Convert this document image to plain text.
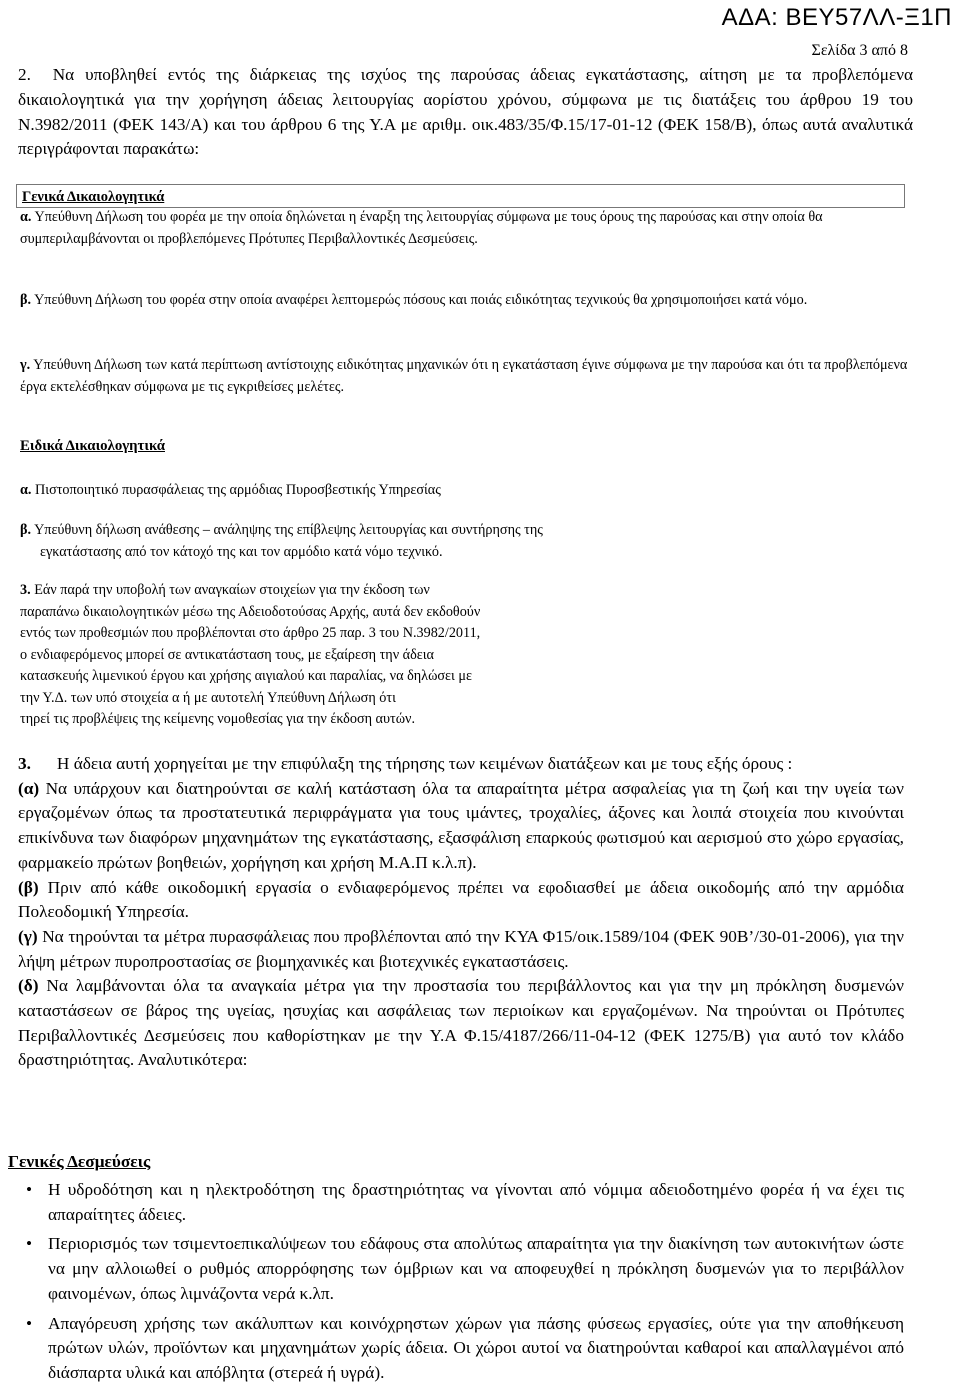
ΑΔΑ: ΒΕΥ57ΛΛ-Ξ1Π
Σελίδα 3 από 8
2. Να υποβληθεί εντός της διάρκειας της ισχύος της παρούσας άδειας εγκατάστασης, αίτηση με τα προβλεπόμενα δικαιολογητικά για την χορήγηση άδειας λειτουργίας αορίστου χρόνου, σύμφωνα με τις διατάξεις του άρθρου 19 του Ν.3982/2011 (ΦΕΚ 143/Α) και του άρθρου 6 της Υ.Α με αριθμ. οικ.483/35/Φ.15/17-01-12 (ΦΕΚ 158/Β), όπως αυτά αναλυτικά περιγράφονται παρακάτω:
Γενικά Δικαιολογητικά
α. Υπεύθυνη Δήλωση του φορέα με την οποία δηλώνεται η έναρξη της λειτουργίας σύμφωνα με τους όρους της παρούσας και στην οποία θα συμπεριλαμβάνονται οι προβλεπόμενες Πρότυπες Περιβαλλοντικές Δεσμεύσεις.
β. Υπεύθυνη Δήλωση του φορέα στην οποία αναφέρει λεπτομερώς πόσους και ποιάς ειδικότητας τεχνικούς θα χρησιμοποιήσει κατά νόμο.
γ. Υπεύθυνη Δήλωση των κατά περίπτωση αντίστοιχης ειδικότητας μηχανικών ότι η εγκατάσταση έγινε σύμφωνα με την παρούσα και ότι τα προβλεπόμενα έργα εκτελέσθηκαν σύμφωνα με τις εγκριθείσες μελέτες.
Ειδικά Δικαιολογητικά
α. Πιστοποιητικό πυρασφάλειας της αρμόδιας Πυροσβεστικής Υπηρεσίας
β. Υπεύθυνη δήλωση ανάθεσης – ανάληψης της επίβλεψης λειτουργίας και συντήρησης της
εγκατάστασης από τον κάτοχό της και τον αρμόδιο κατά νόμο τεχνικό.
3. Εάν παρά την υποβολή των αναγκαίων στοιχείων για την έκδοση των
παραπάνω δικαιολογητικών μέσω της Αδειοδοτούσας Αρχής, αυτά δεν εκδοθούν
εντός των προθεσμιών που προβλέπονται στο άρθρο 25 παρ. 3 του Ν.3982/2011,
ο ενδιαφερόμενος μπορεί σε αντικατάσταση τους, με εξαίρεση την άδεια
κατασκευής λιμενικού έργου και χρήσης αιγιαλού και παραλίας, να δηλώσει με
την Υ.Δ. των υπό στοιχεία α ή με αυτοτελή Υπεύθυνη Δήλωση ότι
τηρεί τις προβλέψεις της κείμενης νομοθεσίας για την έκδοση αυτών.

3. Η άδεια αυτή χορηγείται με την επιφύλαξη της τήρησης των κειμένων διατάξεων και με τους εξής όρους :

(α) Να υπάρχουν και διατηρούνται σε καλή κατάσταση όλα τα απαραίτητα μέτρα ασφαλείας για τη ζωή και την υγεία των εργαζομένων όπως τα προστατευτικά περιφράγματα για τους ιμάντες, τροχαλίες, άξονες και λοιπά στοιχεία που κινούνται επικίνδυνα των διαφόρων μηχανημάτων της εγκατάστασης, εξασφάλιση επαρκούς φωτισμού και αερισμού στο χώρο εργασίας, φαρμακείο πρώτων βοηθειών, χορήγηση και χρήση Μ.Α.Π κ.λ.π).

(β) Πριν από κάθε οικοδομική εργασία ο ενδιαφερόμενος πρέπει να εφοδιασθεί με άδεια οικοδομής από την αρμόδια Πολεοδομική Υπηρεσία.

(γ) Να τηρούνται τα μέτρα πυρασφάλειας που προβλέπονται από την ΚΥΑ Φ15/οικ.1589/104 (ΦΕΚ 90Β’/30-01-2006), για την λήψη μέτρων πυροπροστασίας σε βιομηχανικές και βιοτεχνικές εγκαταστάσεις.

(δ) Να λαμβάνονται όλα τα αναγκαία μέτρα για την προστασία του περιβάλλοντος και για την μη πρόκληση δυσμενών καταστάσεων σε βάρος της υγείας, ησυχίας και ασφάλειας των περιοίκων και εργαζομένων. Να τηρούνται οι Πρότυπες Περιβαλλοντικές Δεσμεύσεις που καθορίστηκαν με την Υ.Α Φ.15/4187/266/11-04-12 (ΦΕΚ 1275/Β) για αυτό τον κλάδο δραστηριότητας. Αναλυτικότερα:

Γενικές Δεσμεύσεις
• Η υδροδότηση και η ηλεκτροδότηση της δραστηριότητας να γίνονται από νόμιμα αδειοδοτημένο φορέα ή να έχει τις απαραίτητες άδειες.
• Περιορισμός των τσιμεντοεπικαλύψεων του εδάφους στα απολύτως απαραίτητα για την διακίνηση των αυτοκινήτων ώστε να μην αλλοιωθεί ο ρυθμός απορρόφησης των όμβριων και να αποφευχθεί η πρόκληση δυσμενών για το περιβάλλον φαινομένων, όπως λιμνάζοντα νερά κ.λπ.
• Απαγόρευση χρήσης των ακάλυπτων και κοινόχρηστων χώρων για πάσης φύσεως εργασίες, ούτε για την αποθήκευση πρώτων υλών, προϊόντων και μηχανημάτων χωρίς άδεια. Οι χώροι αυτοί να διατηρούνται καθαροί και απαλλαγμένοι από διάσπαρτα υλικά και απόβλητα (στερεά ή υγρά).
